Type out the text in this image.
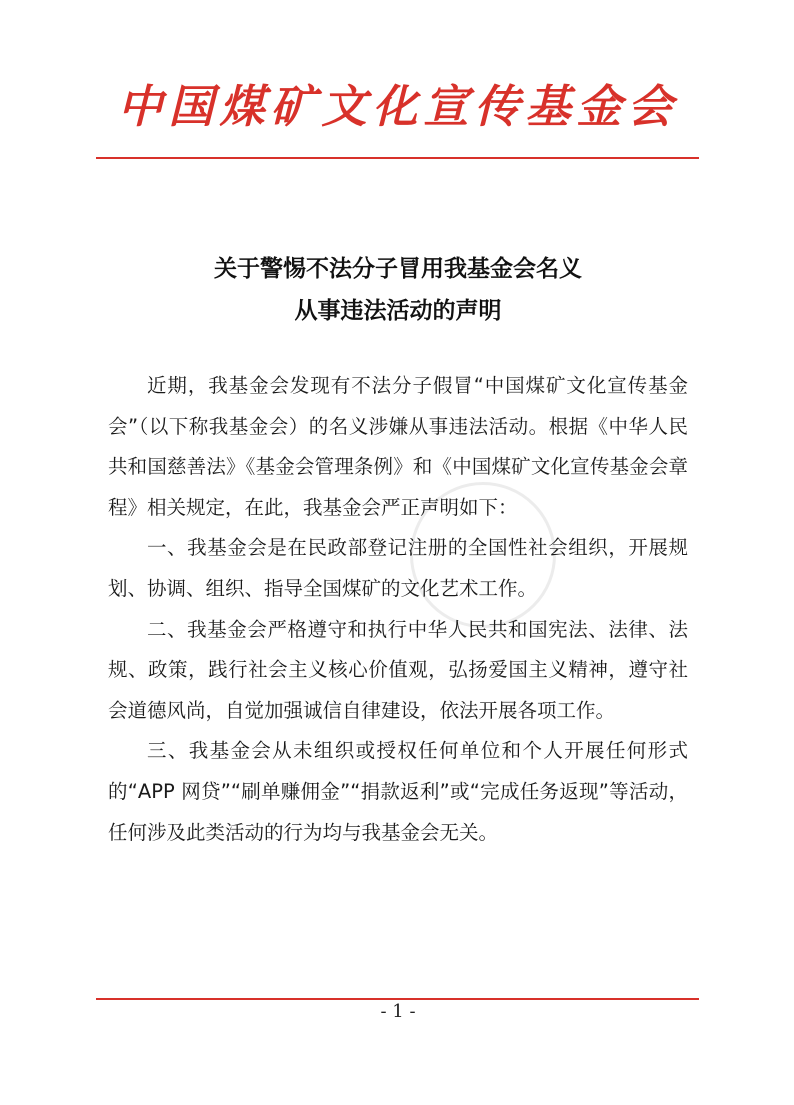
中国煤矿文化宣传基金会
关于警惕不法分子冒用我基金会名义
从事违法活动的声明

近期，我基金会发现有不法分子假冒“中国煤矿文化宣传基金会”（以下称我基金会）的名义涉嫌从事违法活动。根据《中华人民共和国慈善法》《基金会管理条例》和《中国煤矿文化宣传基金会章程》相关规定，在此，我基金会严正声明如下：

一、我基金会是在民政部登记注册的全国性社会组织，开展规划、协调、组织、指导全国煤矿的文化艺术工作。

二、我基金会严格遵守和执行中华人民共和国宪法、法律、法规、政策，践行社会主义核心价值观，弘扬爱国主义精神，遵守社会道德风尚，自觉加强诚信自律建设，依法开展各项工作。

三、我基金会从未组织或授权任何单位和个人开展任何形式的“APP 网贷”“刷单赚佣金”“捐款返利”或“完成任务返现”等活动，任何涉及此类活动的行为均与我基金会无关。

- 1 -
